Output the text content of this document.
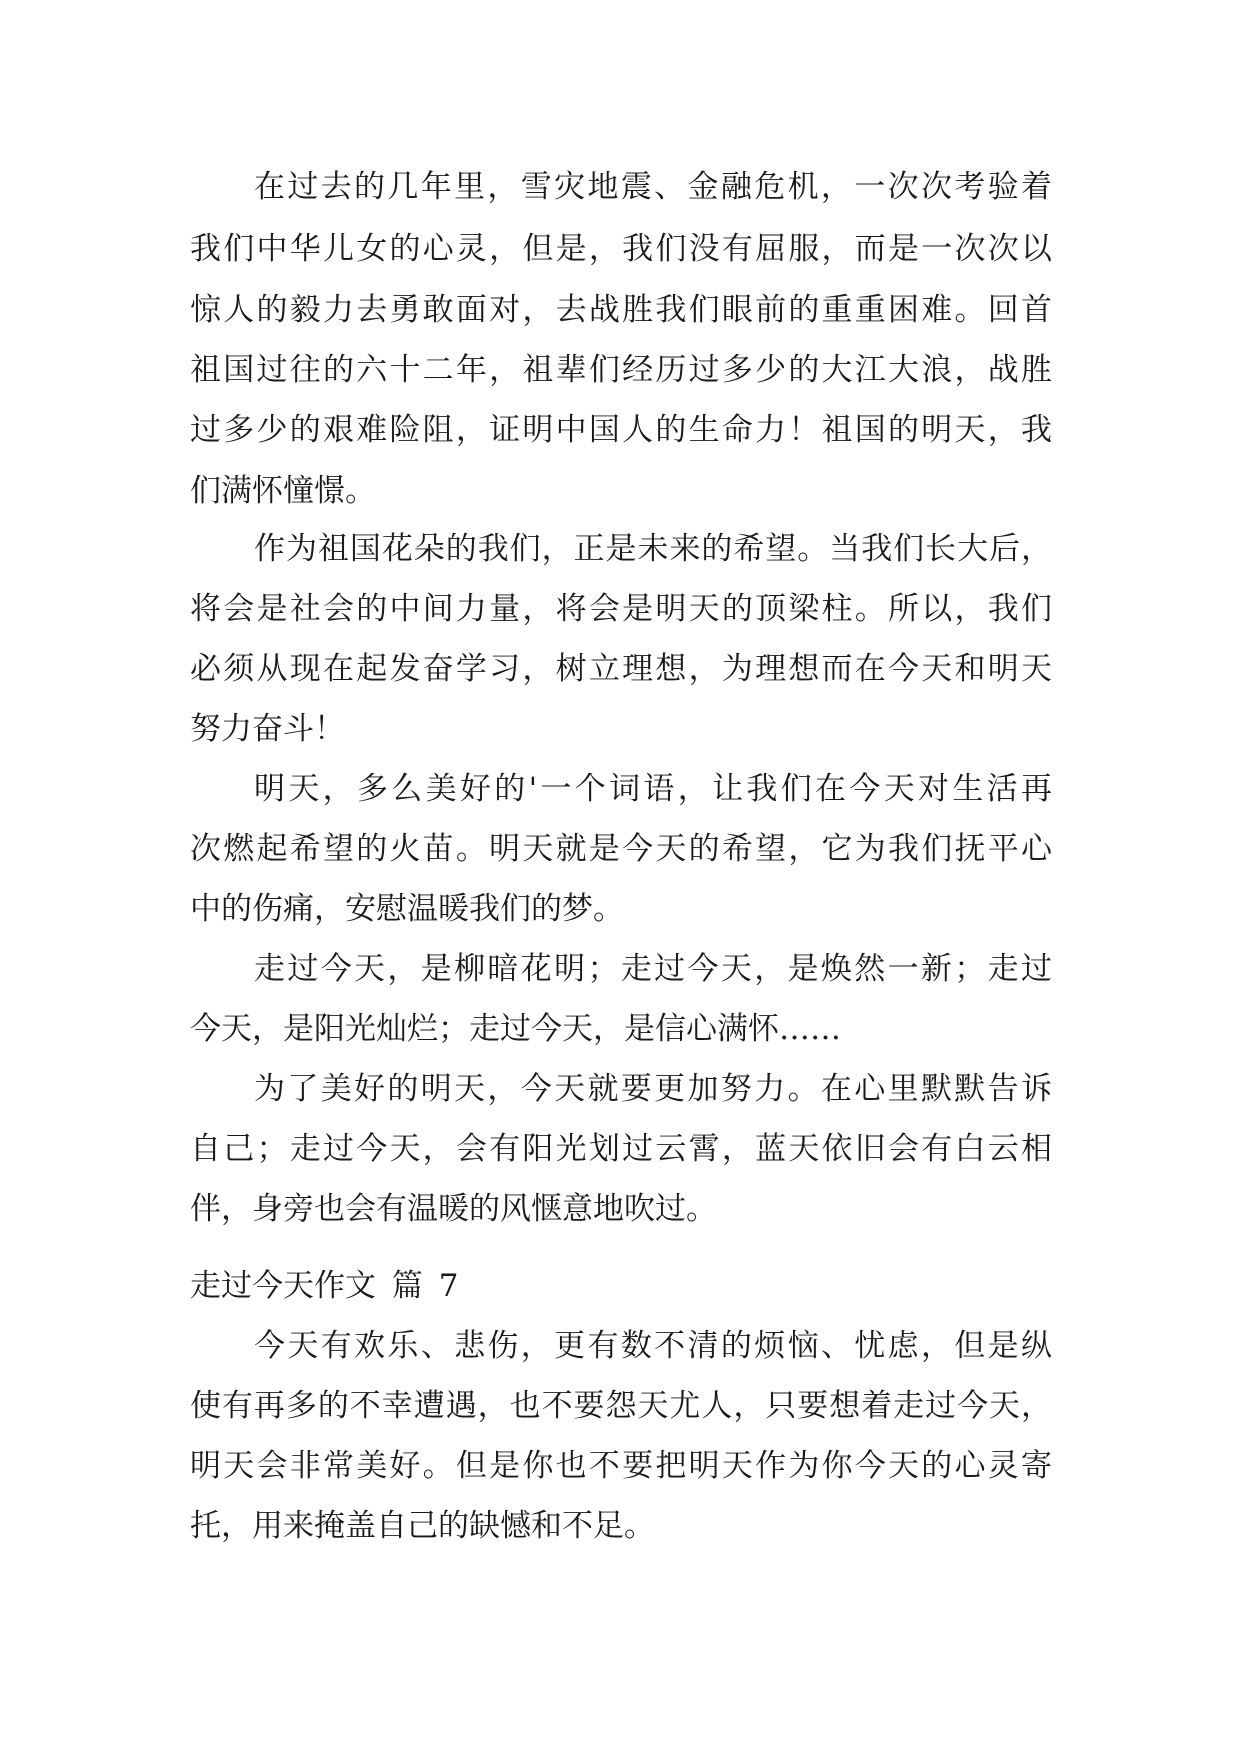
在过去的几年里，雪灾地震、金融危机，一次次考验着
我们中华儿女的心灵，但是，我们没有屈服，而是一次次以
惊人的毅力去勇敢面对，去战胜我们眼前的重重困难。回首
祖国过往的六十二年，祖辈们经历过多少的大江大浪，战胜
过多少的艰难险阻，证明中国人的生命力！祖国的明天，我
们满怀憧憬。
作为祖国花朵的我们，正是未来的希望。当我们长大后，
将会是社会的中间力量，将会是明天的顶梁柱。所以，我们
必须从现在起发奋学习，树立理想，为理想而在今天和明天
努力奋斗！
明天，多么美好的'一个词语，让我们在今天对生活再
次燃起希望的火苗。明天就是今天的希望，它为我们抚平心
中的伤痛，安慰温暖我们的梦。
走过今天，是柳暗花明；走过今天，是焕然一新；走过
今天，是阳光灿烂；走过今天，是信心满怀……
为了美好的明天，今天就要更加努力。在心里默默告诉
自己；走过今天，会有阳光划过云霄，蓝天依旧会有白云相
伴，身旁也会有温暖的风惬意地吹过。
走过今天作文 篇 7
今天有欢乐、悲伤，更有数不清的烦恼、忧虑，但是纵
使有再多的不幸遭遇，也不要怨天尤人，只要想着走过今天，
明天会非常美好。但是你也不要把明天作为你今天的心灵寄
托，用来掩盖自己的缺憾和不足。
